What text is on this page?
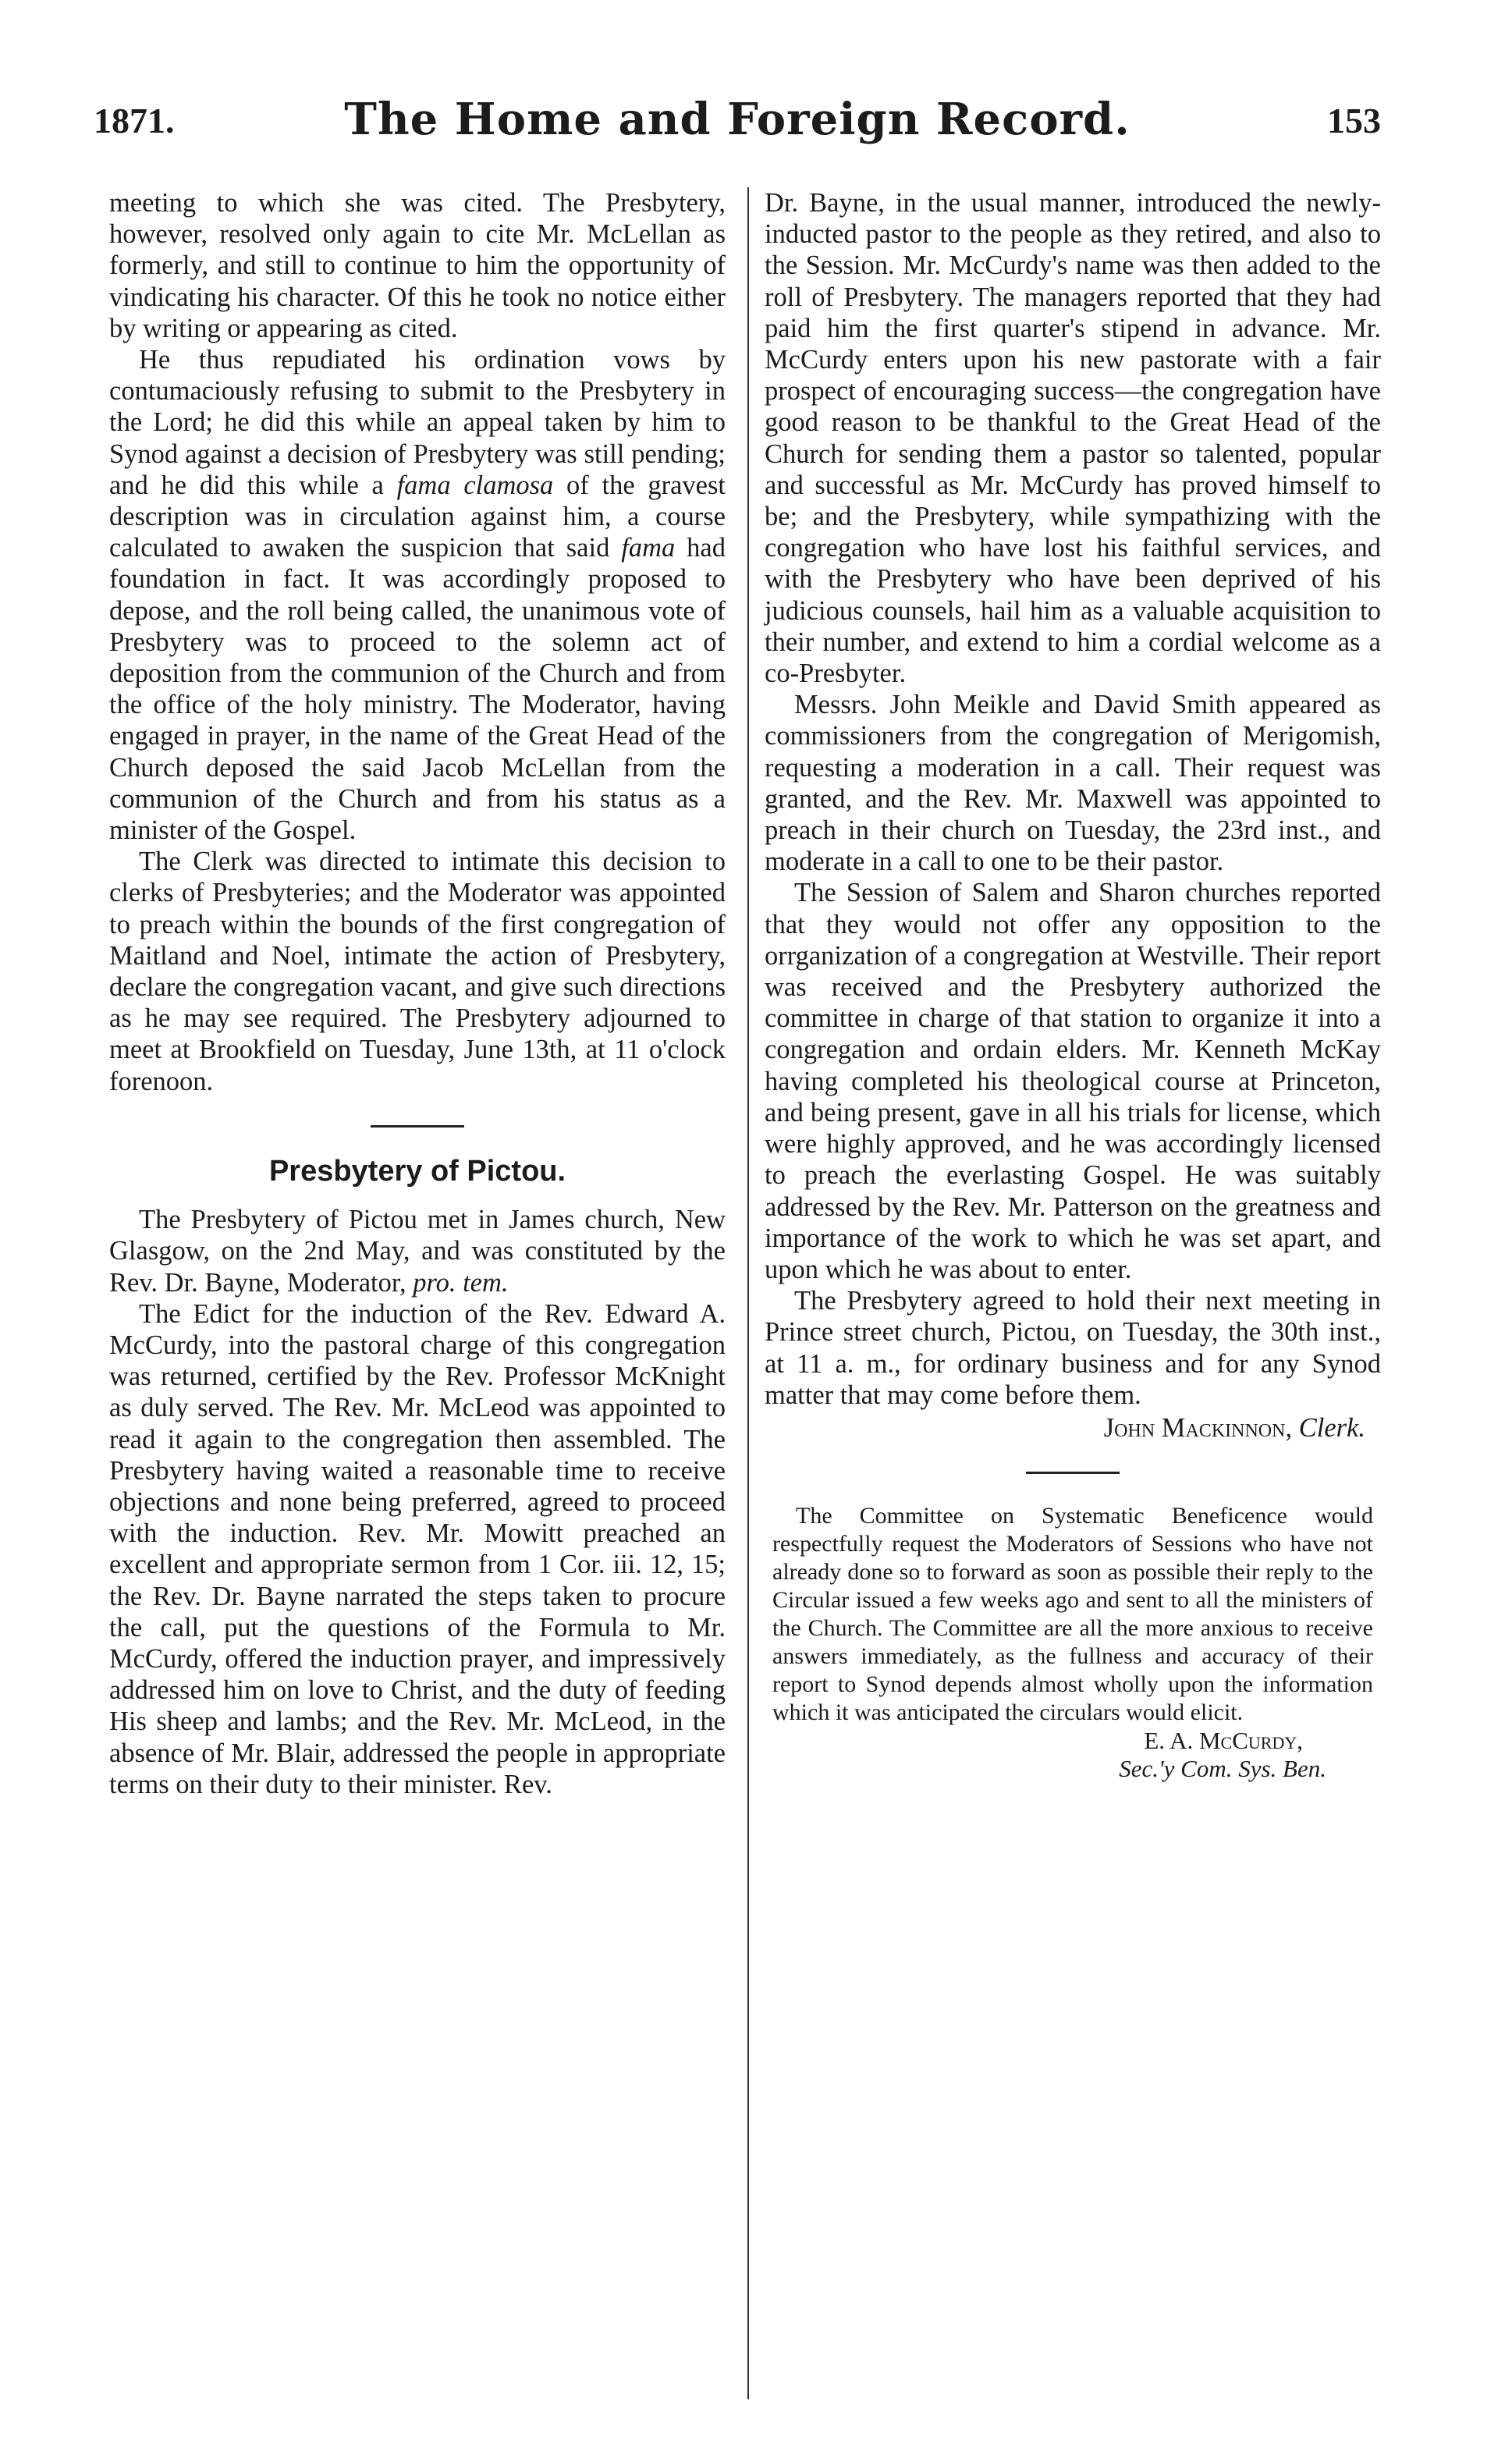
1871.	The Home and Foreign Record.	153

meeting to which she was cited. The Presbytery, however, resolved only again to cite Mr. McLellan as formerly, and still to continue to him the opportunity of vindicating his character. Of this he took no notice either by writing or appearing as cited.

He thus repudiated his ordination vows by contumaciously refusing to submit to the Presbytery in the Lord; he did this while an appeal taken by him to Synod against a decision of Presbytery was still pending; and he did this while a fama clamosa of the gravest description was in circulation against him, a course calculated to awaken the suspicion that said fama had foundation in fact. It was accordingly proposed to depose, and the roll being called, the unanimous vote of Presbytery was to proceed to the solemn act of deposition from the communion of the Church and from the office of the holy ministry. The Moderator, having engaged in prayer, in the name of the Great Head of the Church deposed the said Jacob McLellan from the communion of the Church and from his status as a minister of the Gospel.

The Clerk was directed to intimate this decision to clerks of Presbyteries; and the Moderator was appointed to preach within the bounds of the first congregation of Maitland and Noel, intimate the action of Presbytery, declare the congregation vacant, and give such directions as he may see required. The Presbytery adjourned to meet at Brookfield on Tuesday, June 13th, at 11 o'clock forenoon.

Presbytery of Pictou.

The Presbytery of Pictou met in James church, New Glasgow, on the 2nd May, and was constituted by the Rev. Dr. Bayne, Moderator, pro. tem.

The Edict for the induction of the Rev. Edward A. McCurdy, into the pastoral charge of this congregation was returned, certified by the Rev. Professor McKnight as duly served. The Rev. Mr. McLeod was appointed to read it again to the congregation then assembled. The Presbytery having waited a reasonable time to receive objections and none being preferred, agreed to proceed with the induction. Rev. Mr. Mowitt preached an excellent and appropriate sermon from 1 Cor. iii. 12, 15; the Rev. Dr. Bayne narrated the steps taken to procure the call, put the questions of the Formula to Mr. McCurdy, offered the induction prayer, and impressively addressed him on love to Christ, and the duty of feeding His sheep and lambs; and the Rev. Mr. McLeod, in the absence of Mr. Blair, addressed the people in appropriate terms on their duty to their minister. Rev.

Dr. Bayne, in the usual manner, introduced the newly-inducted pastor to the people as they retired, and also to the Session. Mr. McCurdy's name was then added to the roll of Presbytery. The managers reported that they had paid him the first quarter's stipend in advance. Mr. McCurdy enters upon his new pastorate with a fair prospect of encouraging success—the congregation have good reason to be thankful to the Great Head of the Church for sending them a pastor so talented, popular and successful as Mr. McCurdy has proved himself to be; and the Presbytery, while sympathizing with the congregation who have lost his faithful services, and with the Presbytery who have been deprived of his judicious counsels, hail him as a valuable acquisition to their number, and extend to him a cordial welcome as a co-Presbyter.

Messrs. John Meikle and David Smith appeared as commissioners from the congregation of Merigomish, requesting a moderation in a call. Their request was granted, and the Rev. Mr. Maxwell was appointed to preach in their church on Tuesday, the 23rd inst., and moderate in a call to one to be their pastor.

The Session of Salem and Sharon churches reported that they would not offer any opposition to the orrganization of a congregation at Westville. Their report was received and the Presbytery authorized the committee in charge of that station to organize it into a congregation and ordain elders. Mr. Kenneth McKay having completed his theological course at Princeton, and being present, gave in all his trials for license, which were highly approved, and he was accordingly licensed to preach the everlasting Gospel. He was suitably addressed by the Rev. Mr. Patterson on the greatness and importance of the work to which he was set apart, and upon which he was about to enter.

The Presbytery agreed to hold their next meeting in Prince street church, Pictou, on Tuesday, the 30th inst., at 11 a. m., for ordinary business and for any Synod matter that may come before them.

John Mackinnon, Clerk.

The Committee on Systematic Beneficence would respectfully request the Moderators of Sessions who have not already done so to forward as soon as possible their reply to the Circular issued a few weeks ago and sent to all the ministers of the Church. The Committee are all the more anxious to receive answers immediately, as the fullness and accuracy of their report to Synod depends almost wholly upon the information which it was anticipated the circulars would elicit.

E. A. McCurdy,
Sec.'y Com. Sys. Ben.
